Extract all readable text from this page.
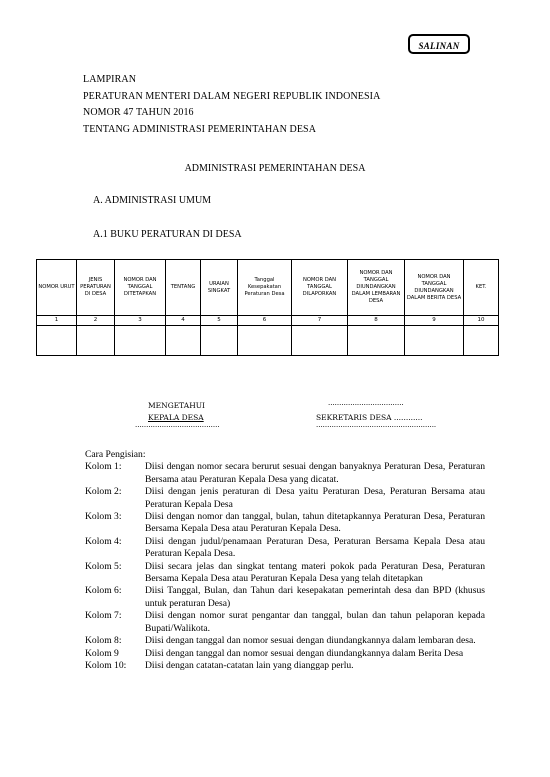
SALINAN
LAMPIRAN
PERATURAN MENTERI DALAM NEGERI REPUBLIK INDONESIA
NOMOR 47 TAHUN 2016
TENTANG ADMINISTRASI PEMERINTAHAN DESA
ADMINISTRASI PEMERINTAHAN DESA
A. ADMINISTRASI UMUM
A.1 BUKU PERATURAN DI DESA
NOMOR URUT	JENIS PERATURAN DI DESA	NOMOR DAN TANGGAL DITETAPKAN	TENTANG	URAIAN SINGKAT	Tanggal Kesepakatan Peraturan Desa	NOMOR DAN TANGGAL DILAPORKAN	NOMOR DAN TANGGAL DIUNDANGKAN DALAM LEMBARAN DESA	NOMOR DAN TANGGAL DIUNDANGKAN DALAM BERITA DESA	KET.
1	2	3	4	5	6	7	8	9	10

MENGETAHUI
KEPALA DESA
..................................
SEKRETARIS DESA ............
......................................	......................................................
Cara Pengisian:
Kolom 1:	Diisi dengan nomor secara berurut sesuai dengan banyaknya Peraturan Desa, Peraturan Bersama atau Peraturan Kepala Desa yang dicatat.
Kolom 2:	Diisi dengan jenis peraturan di Desa yaitu Peraturan Desa, Peraturan Bersama atau Peraturan Kepala Desa
Kolom 3:	Diisi dengan nomor dan tanggal, bulan, tahun ditetapkannya Peraturan Desa, Peraturan Bersama Kepala Desa atau Peraturan Kepala Desa.
Kolom 4:	Diisi dengan judul/penamaan Peraturan Desa, Peraturan Bersama Kepala Desa atau Peraturan Kepala Desa.
Kolom 5:	Diisi secara jelas dan singkat tentang materi pokok pada Peraturan Desa, Peraturan Bersama Kepala Desa atau Peraturan Kepala Desa yang telah ditetapkan
Kolom 6:	Diisi Tanggal, Bulan, dan Tahun dari kesepakatan pemerintah desa dan BPD (khusus untuk peraturan Desa)
Kolom 7:	Diisi dengan nomor surat pengantar dan tanggal, bulan dan tahun pelaporan kepada Bupati/Walikota.
Kolom 8:	Diisi dengan tanggal dan nomor sesuai dengan diundangkannya dalam lembaran desa.
Kolom 9	Diisi dengan tanggal dan nomor sesuai dengan diundangkannya dalam Berita Desa
Kolom 10:	Diisi dengan catatan-catatan lain yang dianggap perlu.
